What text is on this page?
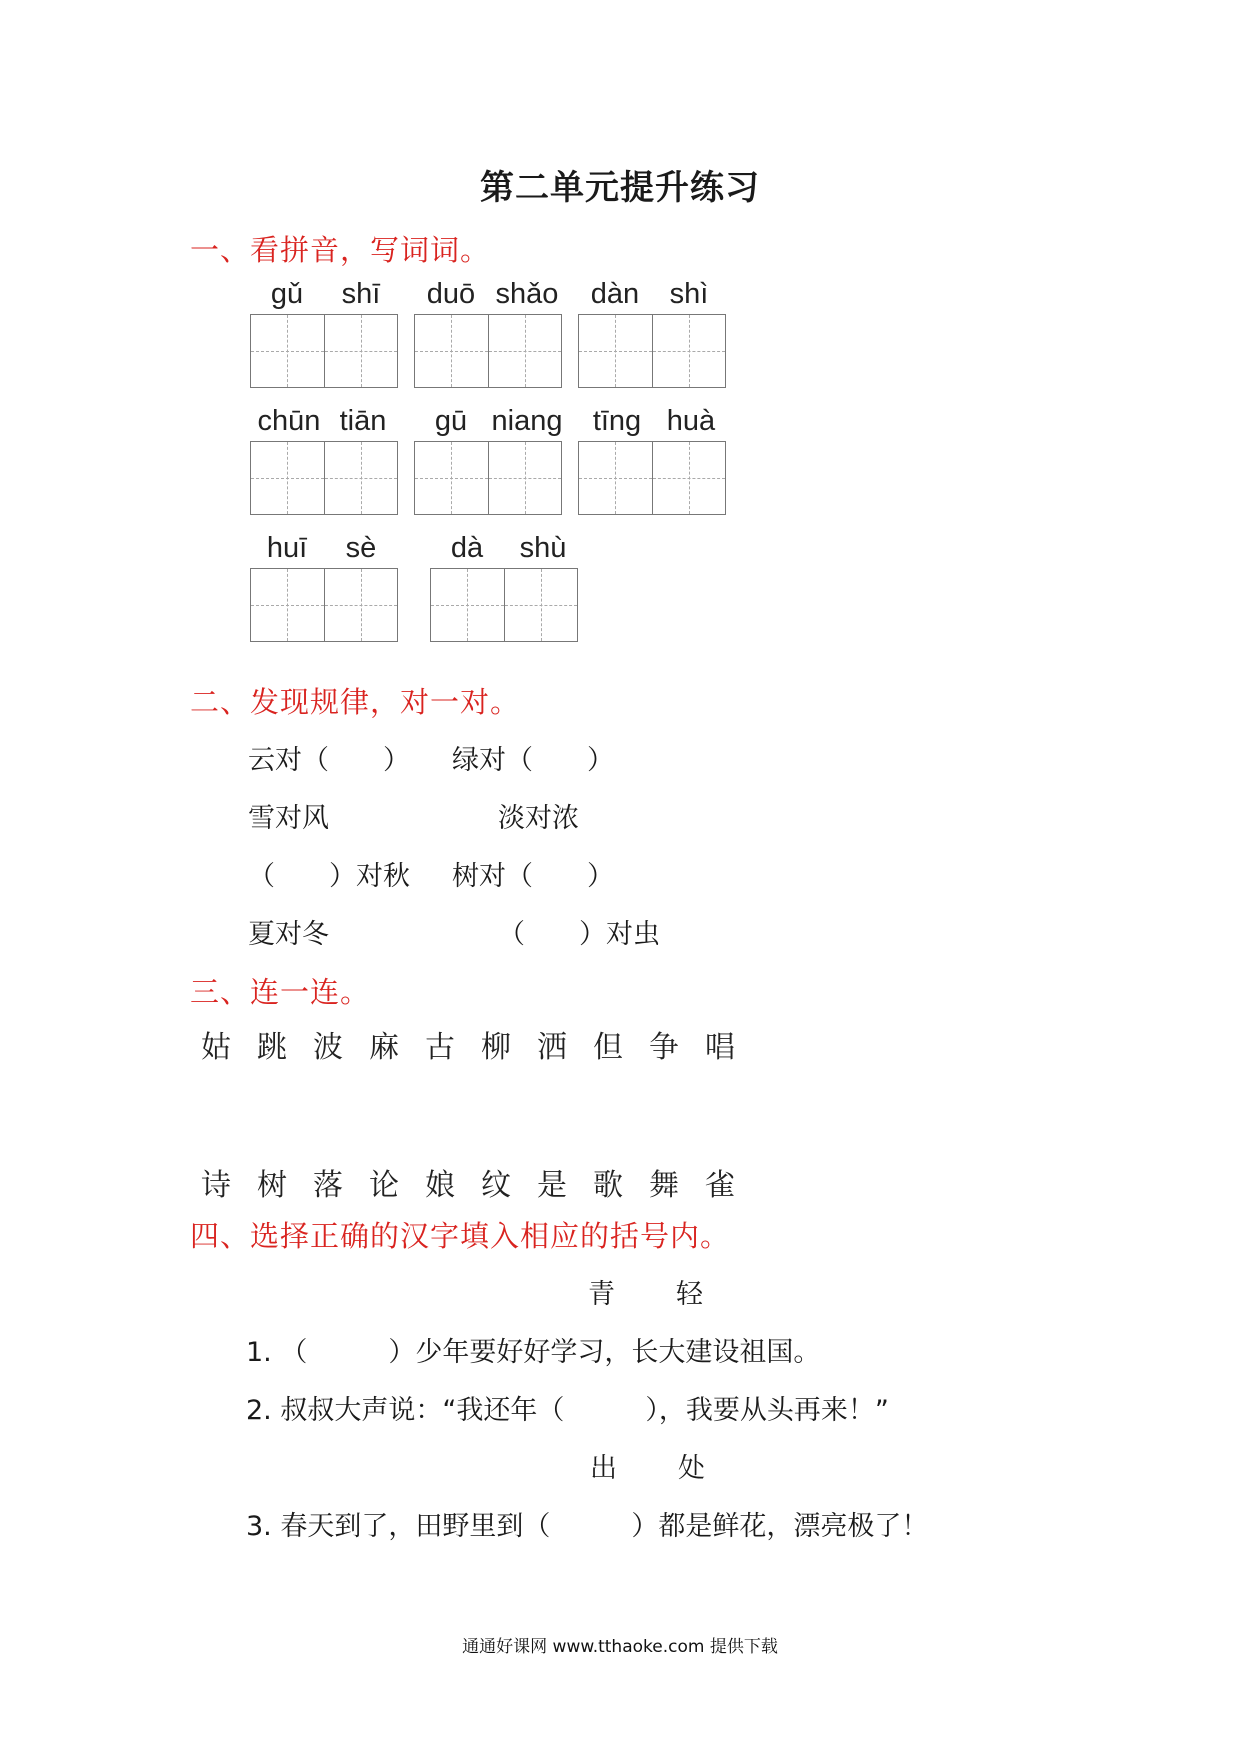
第二单元提升练习
一、看拼音，写词词。
gǔ	shī	duō shǎo	dàn	shì
chūn tiān	gū niang	tīng huà
huī	sè	dà	shù
二、发现规律，对一对。
云对（　　） 绿对（　　）
雪对风	淡对浓
（　　）对秋 树对（　　）
夏对冬	（　　）对虫
三、连一连。
姑 跳 波 麻 古 柳 洒 但 争 唱
诗 树 落 论 娘 纹 是 歌 舞 雀
四、选择正确的汉字填入相应的括号内。
青 轻
1. （　　　）少年要好好学习，长大建设祖国。
2. 叔叔大声说：“我还年（　　　），我要从头再来！”
出 处
3. 春天到了，田野里到（　　　）都是鲜花，漂亮极了！
通通好课网 www.tthaoke.com 提供下载
